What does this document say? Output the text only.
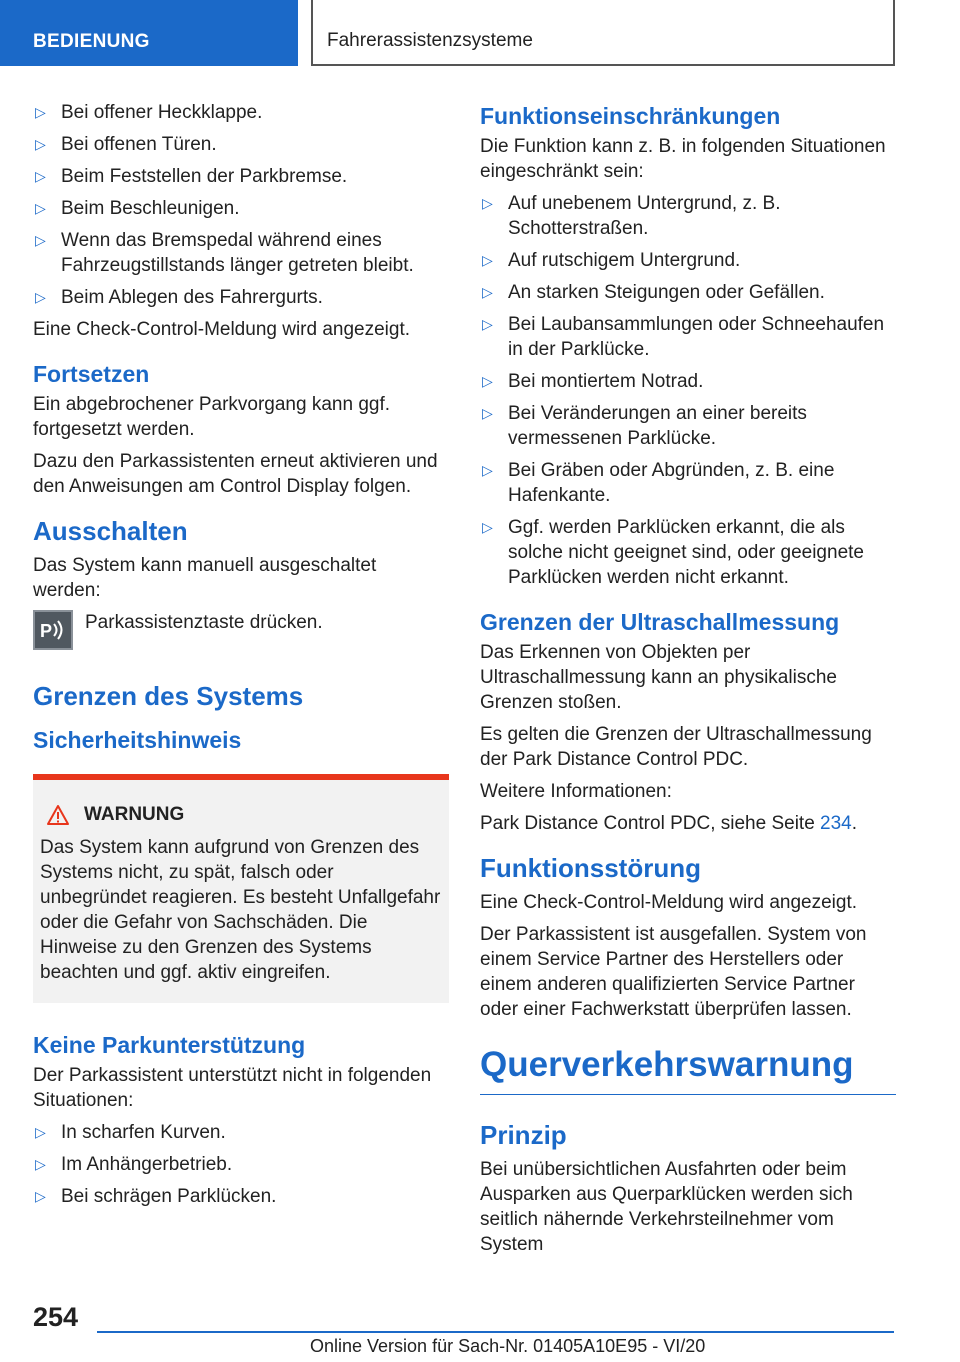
BEDIENUNG	Fahrerassistenzsysteme
▷ Bei offener Heckklappe.
▷ Bei offenen Türen.
▷ Beim Feststellen der Parkbremse.
▷ Beim Beschleunigen.
▷ Wenn das Bremspedal während eines Fahrzeugstillstands länger getreten bleibt.
▷ Beim Ablegen des Fahrergurts.

Eine Check-Control-Meldung wird angezeigt.

Fortsetzen

Ein abgebrochener Parkvorgang kann ggf. fortgesetzt werden.

Dazu den Parkassistenten erneut aktivieren und den Anweisungen am Control Display folgen.

Ausschalten

Das System kann manuell ausgeschaltet werden:

P Parkassistenztaste drücken.
Grenzen des Systems
Sicherheitshinweis
WARNUNG

Das System kann aufgrund von Grenzen des Systems nicht, zu spät, falsch oder unbegründet reagieren. Es besteht Unfallgefahr oder die Gefahr von Sachschäden. Die Hinweise zu den Grenzen des Systems beachten und ggf. aktiv eingreifen.

Keine Parkunterstützung

Der Parkassistent unterstützt nicht in folgenden Situationen:

▷ In scharfen Kurven.
▷ Im Anhängerbetrieb.
▷ Bei schrägen Parklücken.
Funktionseinschränkungen

Die Funktion kann z. B. in folgenden Situationen eingeschränkt sein:

▷ Auf unebenem Untergrund, z. B. Schotterstraßen.
▷ Auf rutschigem Untergrund.
▷ An starken Steigungen oder Gefällen.
▷ Bei Laubansammlungen oder Schneehaufen in der Parklücke.
▷ Bei montiertem Notrad.
▷ Bei Veränderungen an einer bereits vermessenen Parklücke.
▷ Bei Gräben oder Abgründen, z. B. eine Hafenkante.
▷ Ggf. werden Parklücken erkannt, die als solche nicht geeignet sind, oder geeignete Parklücken werden nicht erkannt.
Grenzen der Ultraschallmessung

Das Erkennen von Objekten per Ultraschallmessung kann an physikalische Grenzen stoßen.

Es gelten die Grenzen der Ultraschallmessung der Park Distance Control PDC.

Weitere Informationen:

Park Distance Control PDC, siehe Seite 234.

Funktionsstörung

Eine Check-Control-Meldung wird angezeigt.

Der Parkassistent ist ausgefallen. System von einem Service Partner des Herstellers oder einem anderen qualifizierten Service Partner oder einer Fachwerkstatt überprüfen lassen.

Querverkehrswarnung
Prinzip

Bei unübersichtlichen Ausfahrten oder beim Ausparken aus Querparklücken werden sich seitlich nähernde Verkehrsteilnehmer vom System

254
Online Version für Sach-Nr. 01405A10E95 - VI/20
